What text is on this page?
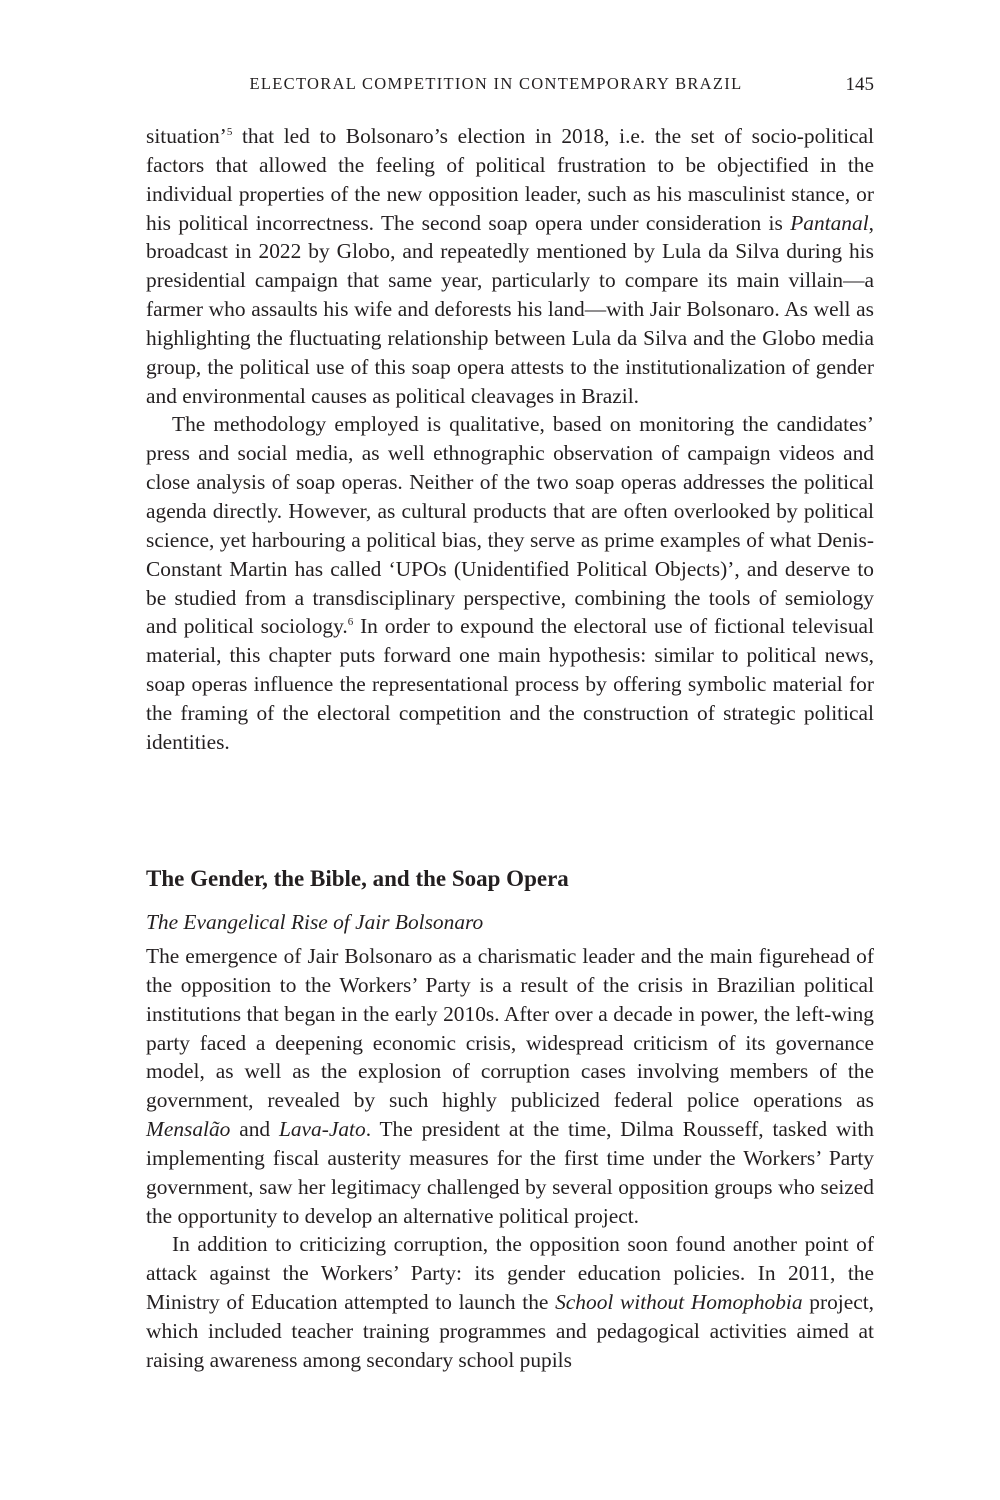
ELECTORAL COMPETITION IN CONTEMPORARY BRAZIL	145

situation’$^5$ that led to Bolsonaro’s election in 2018, i.e. the set of socio-political factors that allowed the feeling of political frustration to be objectified in the individual properties of the new opposition leader, such as his masculinist stance, or his political incorrectness. The second soap opera under consideration is Pantanal, broadcast in 2022 by Globo, and repeatedly mentioned by Lula da Silva during his presidential campaign that same year, particularly to compare its main villain—a farmer who assaults his wife and deforests his land—with Jair Bolsonaro. As well as highlighting the fluctuating relationship between Lula da Silva and the Globo media group, the political use of this soap opera attests to the institutionalization of gender and environmental causes as political cleavages in Brazil.

The methodology employed is qualitative, based on monitoring the candidates’ press and social media, as well ethnographic observation of campaign videos and close analysis of soap operas. Neither of the two soap operas addresses the political agenda directly. However, as cultural products that are often overlooked by political science, yet harbouring a political bias, they serve as prime examples of what Denis-Constant Martin has called ‘UPOs (Unidentified Political Objects)’, and deserve to be studied from a transdisciplinary perspective, combining the tools of semiology and political sociology.$^6$ In order to expound the electoral use of fictional televisual material, this chapter puts forward one main hypothesis: similar to political news, soap operas influence the representational process by offering symbolic material for the framing of the electoral competition and the construction of strategic political identities.

The Gender, the Bible, and the Soap Opera
The Evangelical Rise of Jair Bolsonaro

The emergence of Jair Bolsonaro as a charismatic leader and the main figurehead of the opposition to the Workers’ Party is a result of the crisis in Brazilian political institutions that began in the early 2010s. After over a decade in power, the left-wing party faced a deepening economic crisis, widespread criticism of its governance model, as well as the explosion of corruption cases involving members of the government, revealed by such highly publicized federal police operations as Mensalão and Lava-Jato. The president at the time, Dilma Rousseff, tasked with implementing fiscal austerity measures for the first time under the Workers’ Party government, saw her legitimacy challenged by several opposition groups who seized the opportunity to develop an alternative political project.

In addition to criticizing corruption, the opposition soon found another point of attack against the Workers’ Party: its gender education policies. In 2011, the Ministry of Education attempted to launch the School without Homophobia project, which included teacher training programmes and pedagogical activities aimed at raising awareness among secondary school pupils
